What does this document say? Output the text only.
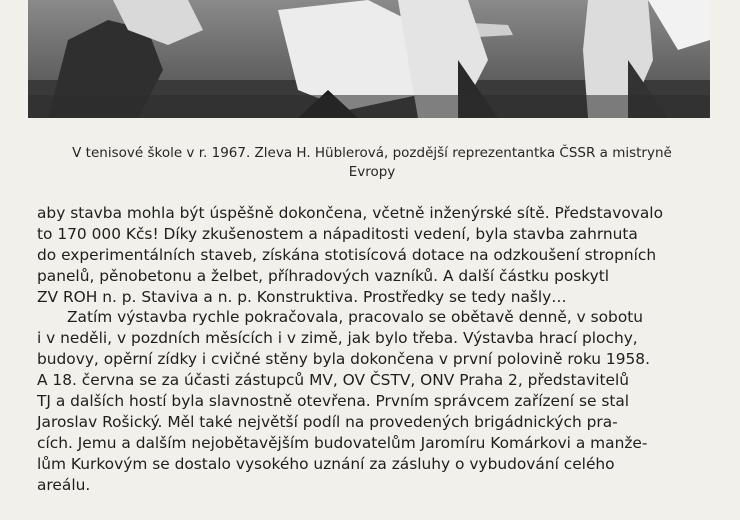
V tenisové škole v r. 1967. Zleva H. Hüblerová, pozdější reprezentantka ČSSR a mistryně
Evropy
aby stavba mohla být úspěšně dokončena, včetně inženýrské sítě. Představovalo
to 170 000 Kčs! Díky zkušenostem a nápaditosti vedení, byla stavba zahrnuta
do experimentálních staveb, získána stotisícová dotace na odzkoušení stropních
panelů, pěnobetonu a želbet, příhradových vazníků. A další částku poskytl
ZV ROH n. p. Staviva a n. p. Konstruktiva. Prostředky se tedy našly…
Zatím výstavba rychle pokračovala, pracovalo se obětavě denně, v sobotu
i v neděli, v pozdních měsících i v zimě, jak bylo třeba. Výstavba hrací plochy,
budovy, opěrní zídky i cvičné stěny byla dokončena v první polovině roku 1958.
A 18. června se za účasti zástupců MV, OV ČSTV, ONV Praha 2, představitelů
TJ a dalších hostí byla slavnostně otevřena. Prvním správcem zařízení se stal
Jaroslav Rošický. Měl také největší podíl na provedených brigádnických pra-
cích. Jemu a dalším nejobětavějším budovatelům Jaromíru Komárkovi a manže-
lům Kurkovým se dostalo vysokého uznání za zásluhy o vybudování celého
areálu.
